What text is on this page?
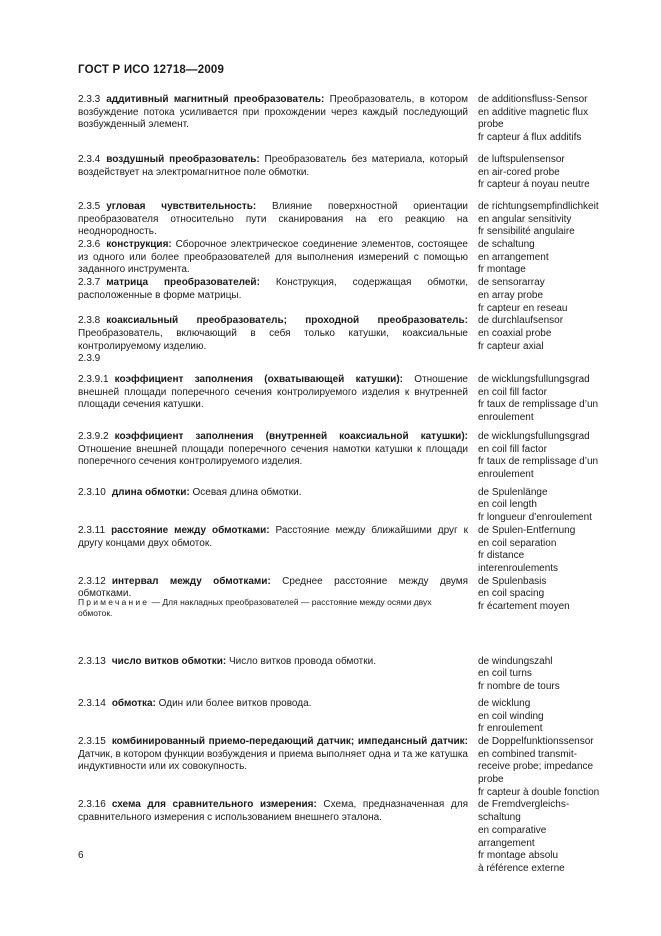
ГОСТ Р ИСО 12718—2009
2.3.3 аддитивный магнитный преобразователь: Преобразователь, в котором возбуждение потока усиливается при прохождении через каждый последующий возбужденный элемент.
de additionsfluss-Sensor
en additive magnetic flux
probe
fr capteur á flux additifs
2.3.4 воздушный преобразователь: Преобразователь без материала, который воздействует на электромагнитное поле обмотки.
de luftspulensensor
en air-cored probe
fr capteur á noyau neutre
2.3.5 угловая чувствительность: Влияние поверхностной ориентации преобразователя относительно пути сканирования на его реакцию на неоднородность.
de richtungsempfindlichkeit
en angular sensitivity
fr sensibilité angulaire
2.3.6 конструкция: Сборочное электрическое соединение элементов, состоящее из одного или более преобразователей для выполнения измерений с помощью заданного инструмента.
de schaltung
en arrangement
fr montage
2.3.7 матрица преобразователей: Конструкция, содержащая обмотки, расположенные в форме матрицы.
de sensorarray
en array probe
fr capteur en reseau
2.3.8 коаксиальный преобразователь; проходной преобразователь: Преобразователь, включающий в себя только катушки, коаксиальные контролируемому изделию.
de durchlaufsensor
en coaxial probe
fr capteur axial
2.3.9
2.3.9.1 коэффициент заполнения (охватывающей катушки): Отношение внешней площади поперечного сечения контролируемого изделия к внутренней площади сечения катушки.
de wicklungsfullungsgrad
en coil fill factor
fr taux de remplissage d’un
enroulement
2.3.9.2 коэффициент заполнения (внутренней коаксиальной катушки): Отношение внешней площади поперечного сечения намотки катушки к площади поперечного сечения контролируемого изделия.
de wicklungsfullungsgrad
en coil fill factor
fr taux de remplissage d’un
enroulement
2.3.10 длина обмотки: Осевая длина обмотки.	de Spulenlänge
en coil length
fr longueur d’enroulement
2.3.11 расстояние между обмотками: Расстояние между ближайшими друг к другу концами двух обмоток.
de Spulen-Entfernung
en coil separation
fr distance
interenroulements
2.3.12 интервал между обмотками: Среднее расстояние между двумя обмотками.
de Spulenbasis
en coil spacing
fr écartement moyen
2.3.13 число витков обмотки: Число витков провода обмотки.	de windungszahl
en coil turns
fr nombre de tours
2.3.14 обмотка: Один или более витков провода.	de wicklung
en coil winding
fr enroulement
2.3.15 комбинированный приемо-передающий датчик; импедансный датчик: Датчик, в котором функции возбуждения и приема выполняет одна и та же катушка индуктивности или их совокупность.
de Doppelfunktionssensor
en combined transmit-
receive probe; impedance
probe
fr capteur à double fonction
2.3.16 схема для сравнительного измерения: Схема, предназначенная для сравнительного измерения с использованием внешнего эталона.
de Fremdvergleichs-
schaltung
en comparative
arrangement
fr montage absolu
à référence externe
Примечание — Для накладных преобразователей — расстояние между осями двух обмоток.
6
